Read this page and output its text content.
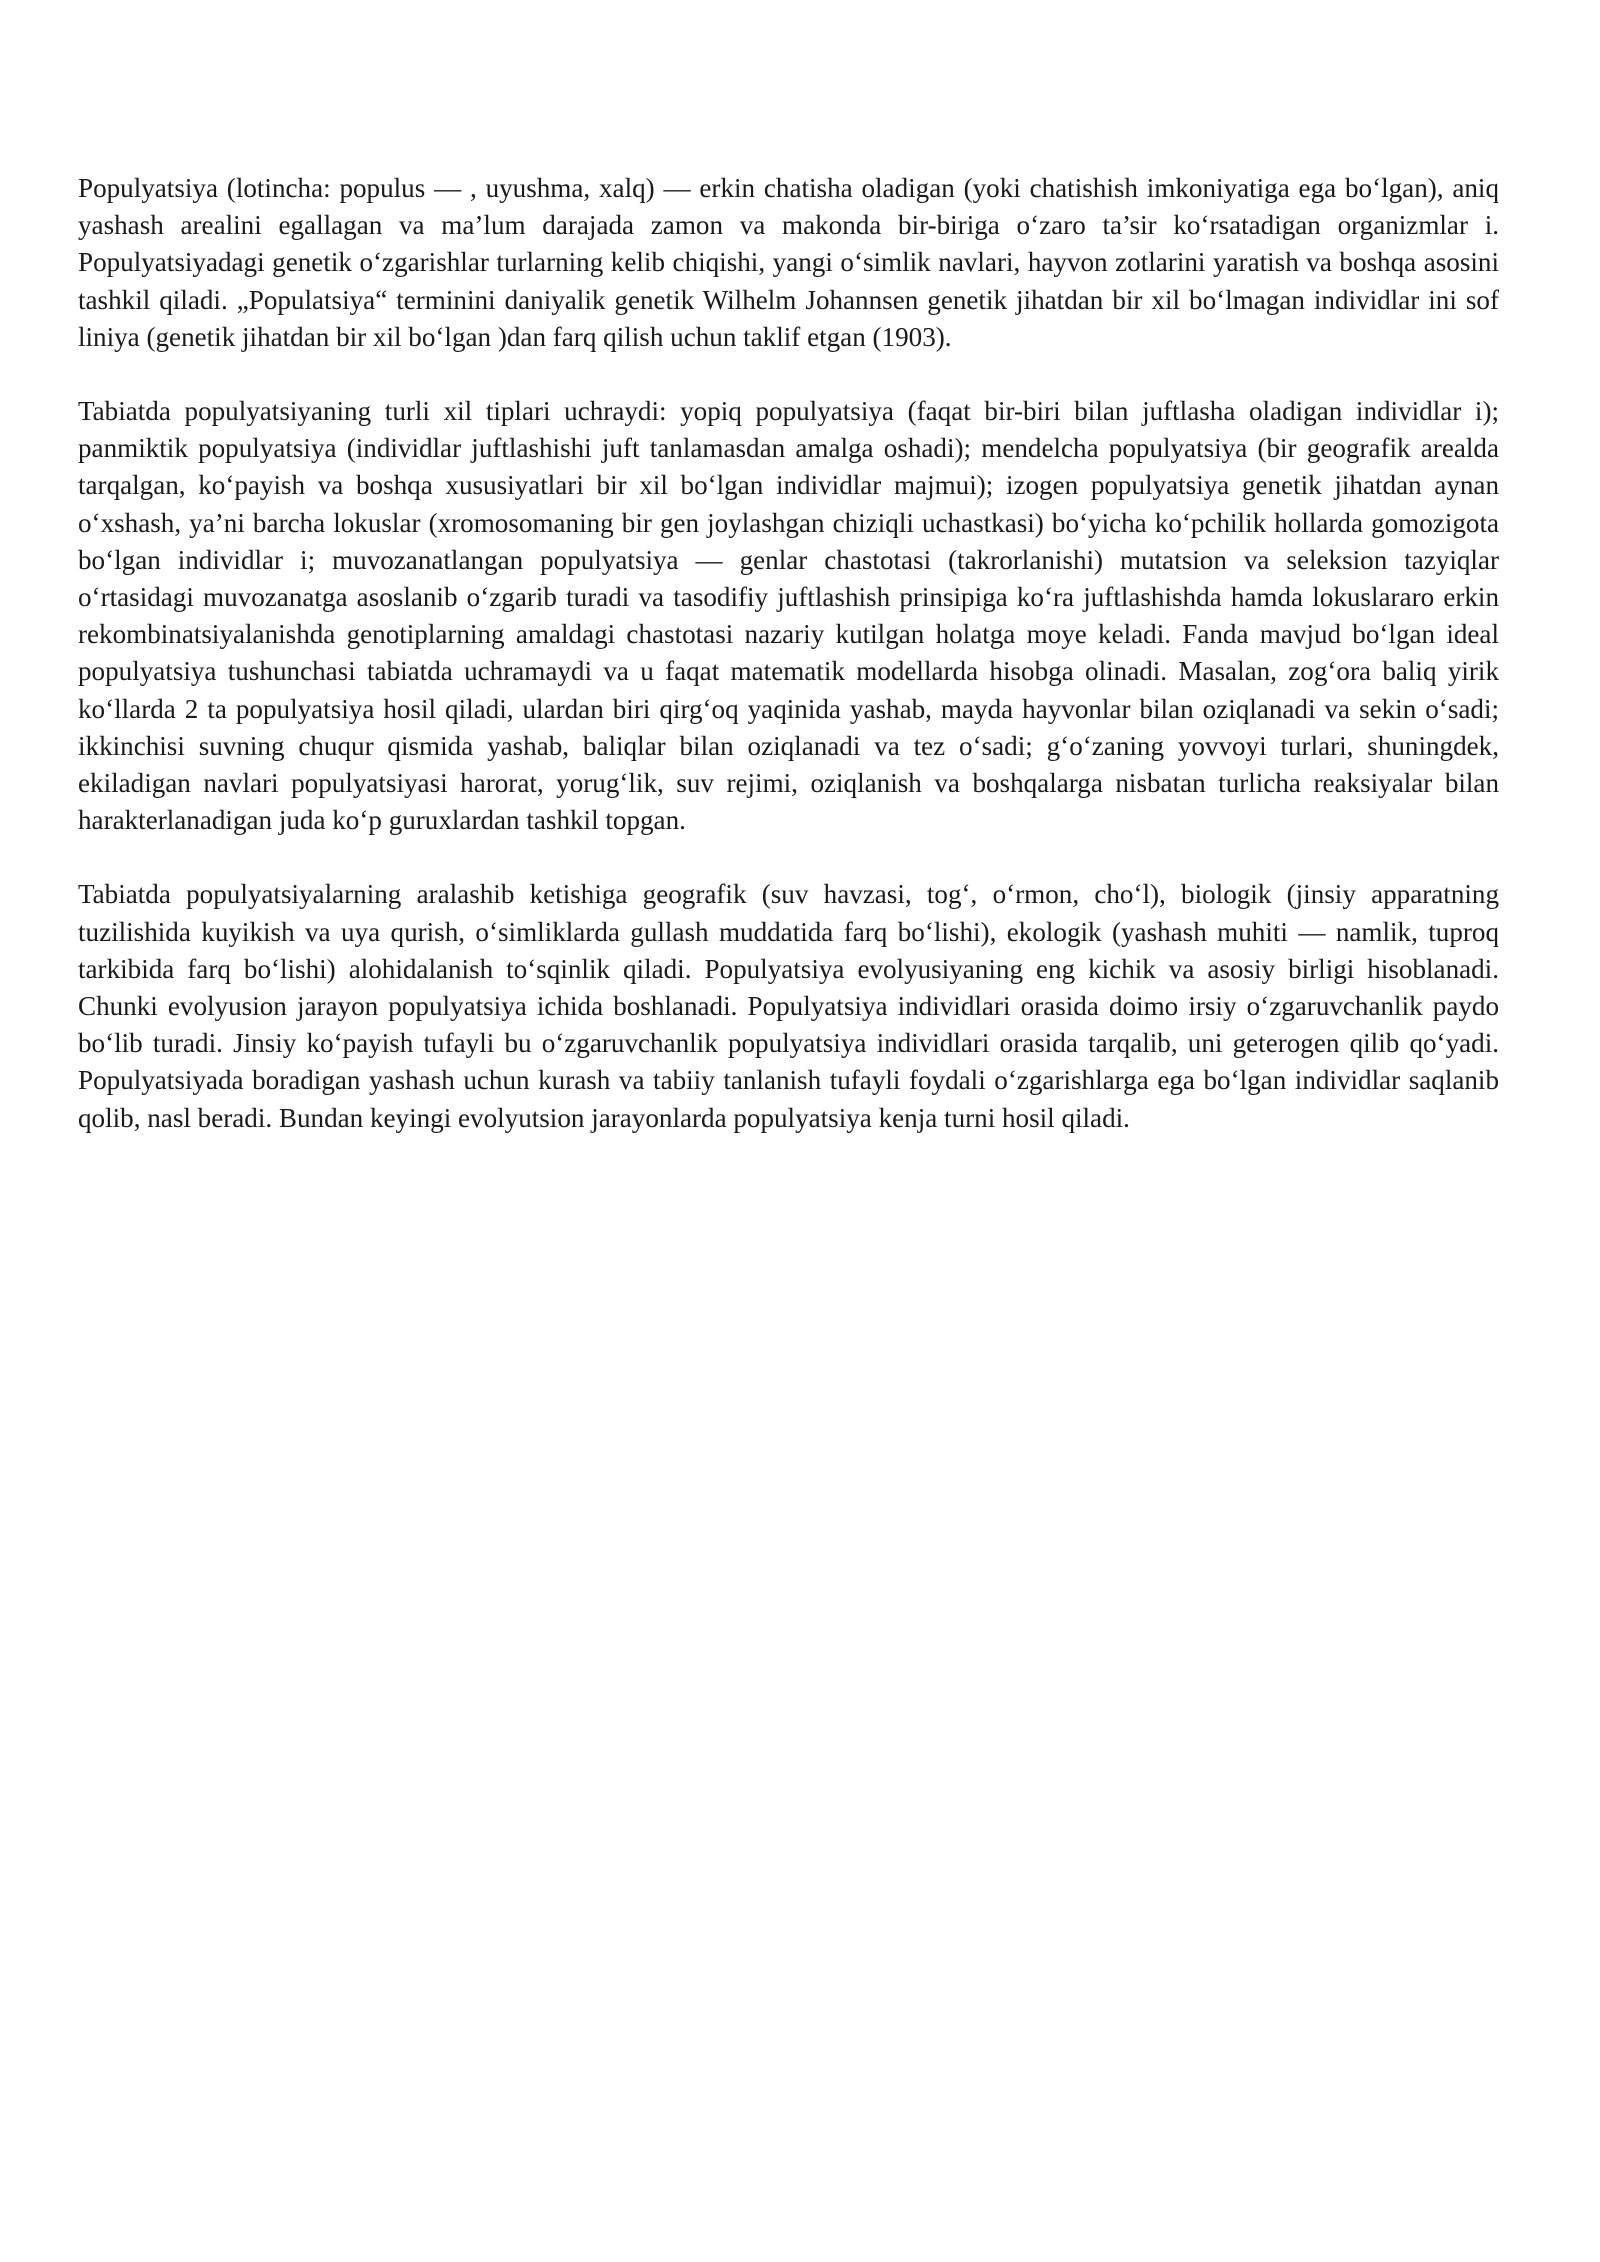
Populyatsiya (lotincha: populus — , uyushma, xalq) — erkin chatisha oladigan (yoki chatishish imkoniyatiga ega bo‘lgan), aniq yashash arealini egallagan va ma’lum darajada zamon va makonda bir-biriga o‘zaro ta’sir ko‘rsatadigan organizmlar i. Populyatsiyadagi genetik o‘zgarishlar turlarning kelib chiqishi, yangi o‘simlik navlari, hayvon zotlarini yaratish va boshqa asosini tashkil qiladi. „Populatsiya“ terminini daniyalik genetik Wilhelm Johannsen genetik jihatdan bir xil bo‘lmagan individlar ini sof liniya (genetik jihatdan bir xil bo‘lgan )dan farq qilish uchun taklif etgan (1903).

Tabiatda populyatsiyaning turli xil tiplari uchraydi: yopiq populyatsiya (faqat bir-biri bilan juftlasha oladigan individlar i); panmiktik populyatsiya (individlar juftlashishi juft tanlamasdan amalga oshadi); mendelcha populyatsiya (bir geografik arealda tarqalgan, ko‘payish va boshqa xususiyatlari bir xil bo‘lgan individlar majmui); izogen populyatsiya genetik jihatdan aynan o‘xshash, ya’ni barcha lokuslar (xromosomaning bir gen joylashgan chiziqli uchastkasi) bo‘yicha ko‘pchilik hollarda gomozigota bo‘lgan individlar i; muvozanatlangan populyatsiya — genlar chastotasi (takrorlanishi) mutatsion va seleksion tazyiqlar o‘rtasidagi muvozanatga asoslanib o‘zgarib turadi va tasodifiy juftlashish prinsipiga ko‘ra juftlashishda hamda lokuslararo erkin rekombinatsiyalanishda genotiplarning amaldagi chastotasi nazariy kutilgan holatga moye keladi. Fanda mavjud bo‘lgan ideal populyatsiya tushunchasi tabiatda uchramaydi va u faqat matematik modellarda hisobga olinadi. Masalan, zog‘ora baliq yirik ko‘llarda 2 ta populyatsiya hosil qiladi, ulardan biri qirg‘oq yaqinida yashab, mayda hayvonlar bilan oziqlanadi va sekin o‘sadi; ikkinchisi suvning chuqur qismida yashab, baliqlar bilan oziqlanadi va tez o‘sadi; g‘o‘zaning yovvoyi turlari, shuningdek, ekiladigan navlari populyatsiyasi harorat, yorug‘lik, suv rejimi, oziqlanish va boshqalarga nisbatan turlicha reaksiyalar bilan harakterlanadigan juda ko‘p guruxlardan tashkil topgan.

Tabiatda populyatsiyalarning aralashib ketishiga geografik (suv havzasi, tog‘, o‘rmon, cho‘l), biologik (jinsiy apparatning tuzilishida kuyikish va uya qurish, o‘simliklarda gullash muddatida farq bo‘lishi), ekologik (yashash muhiti — namlik, tuproq tarkibida farq bo‘lishi) alohidalanish to‘sqinlik qiladi. Populyatsiya evolyusiyaning eng kichik va asosiy birligi hisoblanadi. Chunki evolyusion jarayon populyatsiya ichida boshlanadi. Populyatsiya individlari orasida doimo irsiy o‘zgaruvchanlik paydo bo‘lib turadi. Jinsiy ko‘payish tufayli bu o‘zgaruvchanlik populyatsiya individlari orasida tarqalib, uni geterogen qilib qo‘yadi. Populyatsiyada boradigan yashash uchun kurash va tabiiy tanlanish tufayli foydali o‘zgarishlarga ega bo‘lgan individlar saqlanib qolib, nasl beradi. Bundan keyingi evolyutsion jarayonlarda populyatsiya kenja turni hosil qiladi.
